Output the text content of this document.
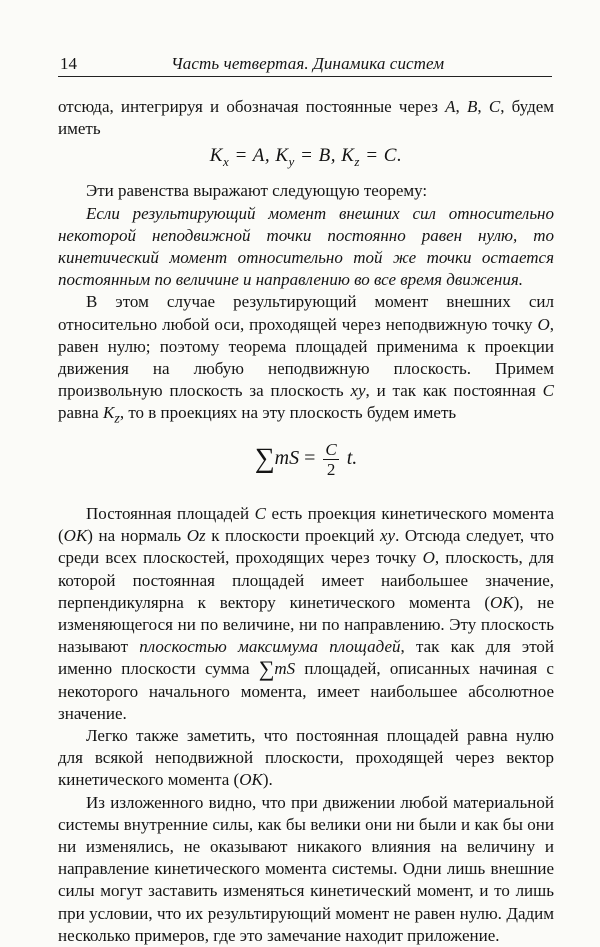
14	Часть четвертая. Динамика систем

отсюда, интегрируя и обозначая постоянные через A, B, C, будем иметь

$K_x = A$, $K_y = B$, $K_z = C$.

Эти равенства выражают следующую теорему:

Если результирующий момент внешних сил относительно некоторой неподвижной точки постоянно равен нулю, то кинетический момент относительно той же точки остается постоянным по величине и направлению во все время движения.

В этом случае результирующий момент внешних сил относительно любой оси, проходящей через неподвижную точку O, равен нулю; поэтому теорема площадей применима к проекции движения на любую неподвижную плоскость. Примем произвольную плоскость за плоскость xy, и так как постоянная C равна $K_z$, то в проекциях на эту плоскость будем иметь

$\sum mS = \frac{C}{2} t$.

Постоянная площадей C есть проекция кинетического момента (OK) на нормаль Oz к плоскости проекций xy. Отсюда следует, что среди всех плоскостей, проходящих через точку O, плоскость, для которой постоянная площадей имеет наибольшее значение, перпендикулярна к вектору кинетического момента (OK), не изменяющегося ни по величине, ни по направлению. Эту плоскость называют плоскостью максимума площадей, так как для этой именно плоскости сумма ∑mS площадей, описанных начиная с некоторого начального момента, имеет наибольшее абсолютное значение.

Легко также заметить, что постоянная площадей равна нулю для всякой неподвижной плоскости, проходящей через вектор кинетического момента (OK).

Из изложенного видно, что при движении любой материальной системы внутренние силы, как бы велики они ни были и как бы они ни изменялись, не оказывают никакого влияния на величину и направление кинетического момента системы. Одни лишь внешние силы могут заставить изменяться кинетический момент, и то лишь при условии, что их результирующий момент не равен нулю. Дадим несколько примеров, где это замечание находит приложение.
